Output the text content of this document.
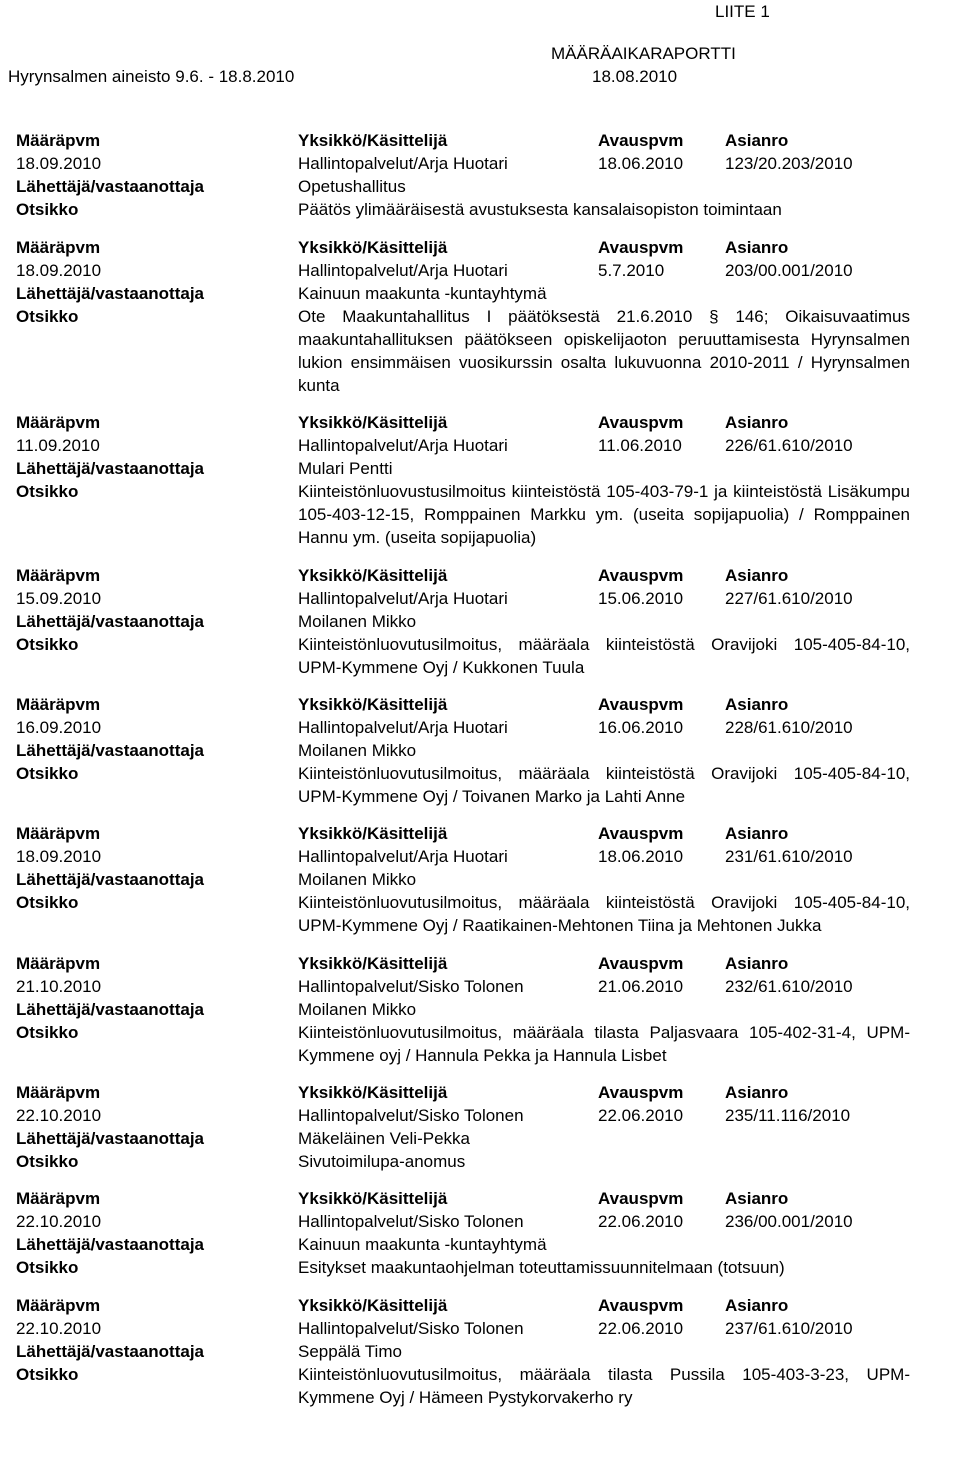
LIITE 1
MÄÄRÄAIKARAPORTTI
Hyrynsalmen aineisto 9.6. - 18.8.2010	18.08.2010
Määräpvm	Yksikkö/Käsittelijä	Avauspvm Asianro
18.09.2010	Hallintopalvelut/Arja Huotari	18.06.2010 123/20.203/2010
Lähettäjä/vastaanottaja	Opetushallitus
Otsikko	Päätös ylimääräisestä avustuksesta kansalaisopiston toimintaan
Määräpvm	Yksikkö/Käsittelijä	Avauspvm Asianro
18.09.2010	Hallintopalvelut/Arja Huotari	5.7.2010	203/00.001/2010
Lähettäjä/vastaanottaja	Kainuun maakunta -kuntayhtymä
Otsikko	Ote Maakuntahallitus I päätöksestä 21.6.2010 § 146; Oikaisuvaatimus maakuntahallituksen päätökseen opiskelijaoton peruuttamisesta Hyrynsalmen lukion ensimmäisen vuosikurssin osalta lukuvuonna 2010-2011 / Hyrynsalmen kunta
Määräpvm	Yksikkö/Käsittelijä	Avauspvm Asianro
11.09.2010	Hallintopalvelut/Arja Huotari	11.06.2010	226/61.610/2010
Lähettäjä/vastaanottaja	Mulari Pentti
Otsikko	Kiinteistönluovustusilmoitus kiinteistöstä 105-403-79-1 ja kiinteistöstä Lisäkumpu 105-403-12-15, Romppainen Markku ym. (useita sopijapuolia) / Romppainen Hannu ym. (useita sopijapuolia)
Määräpvm	Yksikkö/Käsittelijä	Avauspvm Asianro
15.09.2010	Hallintopalvelut/Arja Huotari	15.06.2010 227/61.610/2010
Lähettäjä/vastaanottaja	Moilanen Mikko
Otsikko	Kiinteistönluovutusilmoitus, määräala kiinteistöstä Oravijoki 105-405-84-10, UPM-Kymmene Oyj / Kukkonen Tuula
Määräpvm	Yksikkö/Käsittelijä	Avauspvm Asianro
16.09.2010	Hallintopalvelut/Arja Huotari	16.06.2010 228/61.610/2010
Lähettäjä/vastaanottaja	Moilanen Mikko
Otsikko	Kiinteistönluovutusilmoitus, määräala kiinteistöstä Oravijoki 105-405-84-10, UPM-Kymmene Oyj / Toivanen Marko ja Lahti Anne
Määräpvm	Yksikkö/Käsittelijä	Avauspvm Asianro
18.09.2010	Hallintopalvelut/Arja Huotari	18.06.2010 231/61.610/2010
Lähettäjä/vastaanottaja	Moilanen Mikko
Otsikko	Kiinteistönluovutusilmoitus, määräala kiinteistöstä Oravijoki 105-405-84-10, UPM-Kymmene Oyj / Raatikainen-Mehtonen Tiina ja Mehtonen Jukka
Määräpvm	Yksikkö/Käsittelijä	Avauspvm Asianro
21.10.2010	Hallintopalvelut/Sisko Tolonen	21.06.2010 232/61.610/2010
Lähettäjä/vastaanottaja	Moilanen Mikko
Otsikko	Kiinteistönluovutusilmoitus, määräala tilasta Paljasvaara 105-402-31-4, UPM-Kymmene oyj / Hannula Pekka ja Hannula Lisbet
Määräpvm	Yksikkö/Käsittelijä	Avauspvm Asianro
22.10.2010	Hallintopalvelut/Sisko Tolonen	22.06.2010 235/11.116/2010
Lähettäjä/vastaanottaja	Mäkeläinen Veli-Pekka
Otsikko	Sivutoimilupa-anomus
Määräpvm	Yksikkö/Käsittelijä	Avauspvm Asianro
22.10.2010	Hallintopalvelut/Sisko Tolonen	22.06.2010 236/00.001/2010
Lähettäjä/vastaanottaja	Kainuun maakunta -kuntayhtymä
Otsikko	Esitykset maakuntaohjelman toteuttamissuunnitelmaan (totsuun)
Määräpvm	Yksikkö/Käsittelijä	Avauspvm Asianro
22.10.2010	Hallintopalvelut/Sisko Tolonen	22.06.2010 237/61.610/2010
Lähettäjä/vastaanottaja	Seppälä Timo
Otsikko	Kiinteistönluovutusilmoitus, määräala tilasta Pussila 105-403-3-23, UPM-Kymmene Oyj / Hämeen Pystykorvakerho ry
